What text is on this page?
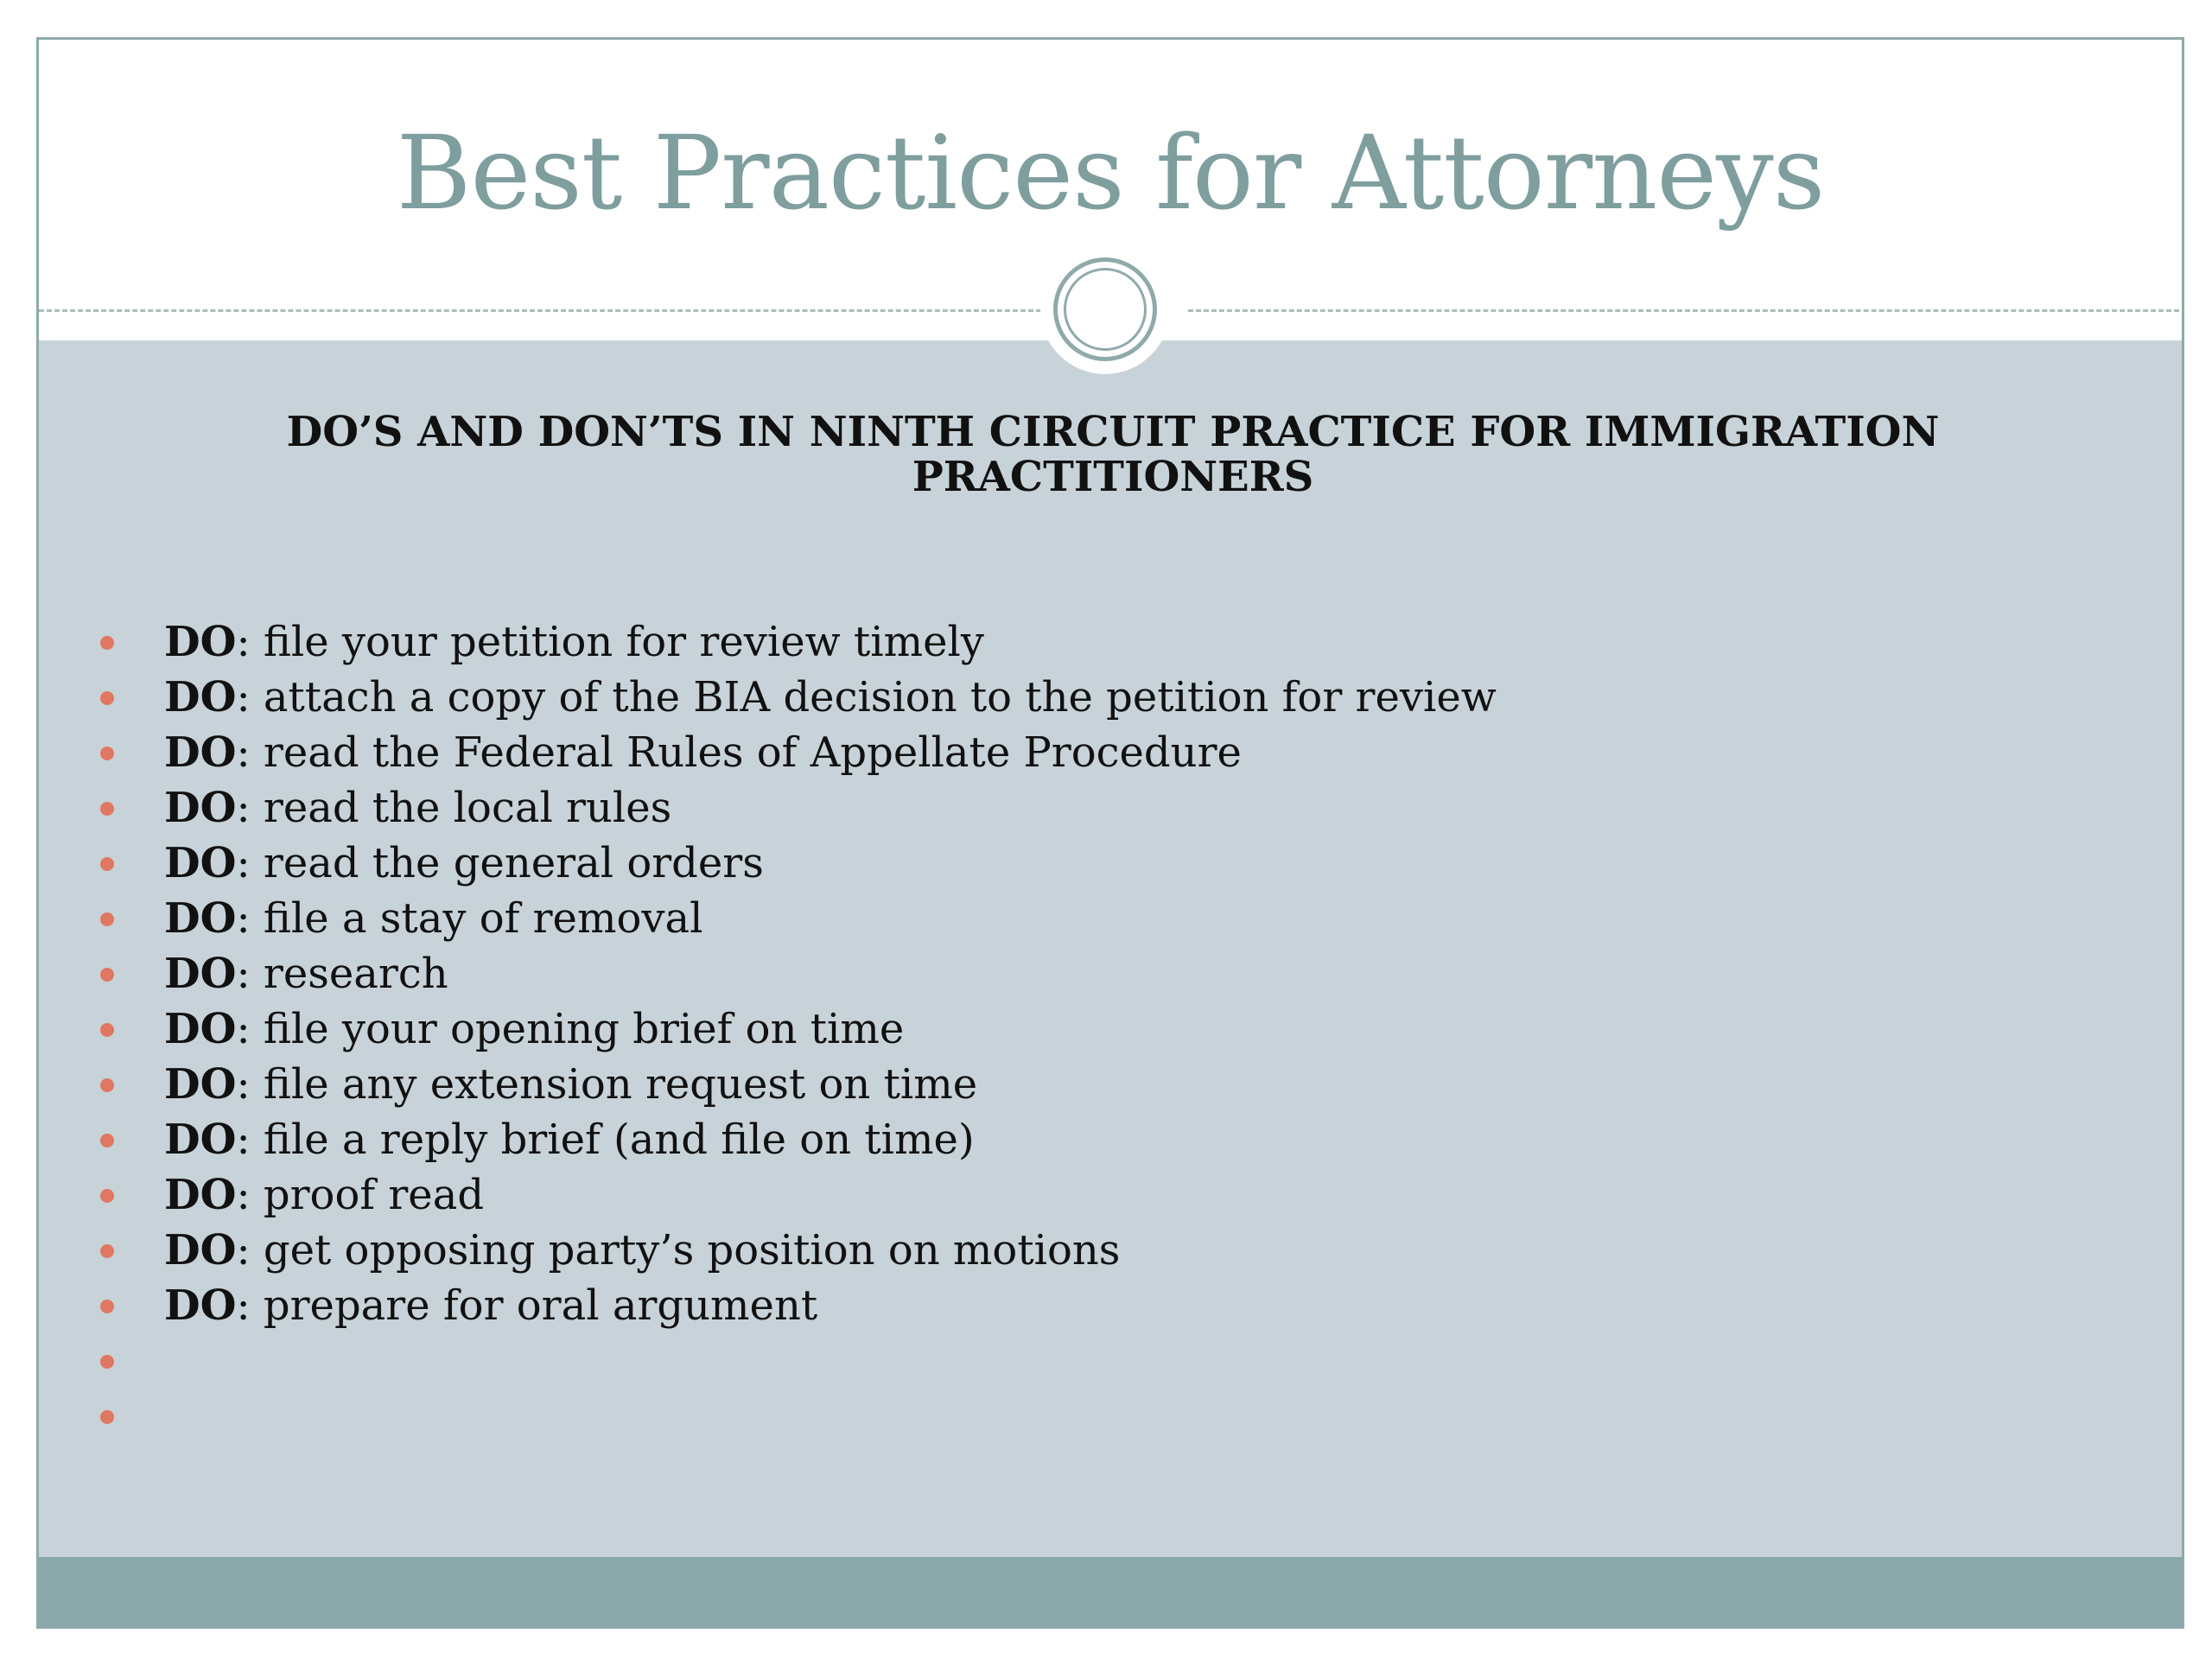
Best Practices for Attorneys
DO’S AND DON’TS IN NINTH CIRCUIT PRACTICE FOR IMMIGRATION PRACTITIONERS
DO: file your petition for review timely
DO: attach a copy of the BIA decision to the petition for review
DO: read the Federal Rules of Appellate Procedure
DO: read the local rules
DO: read the general orders
DO: file a stay of removal
DO: research
DO: file your opening brief on time
DO: file any extension request on time
DO: file a reply brief (and file on time)
DO: proof read
DO: get opposing party’s position on motions
DO: prepare for oral argument
